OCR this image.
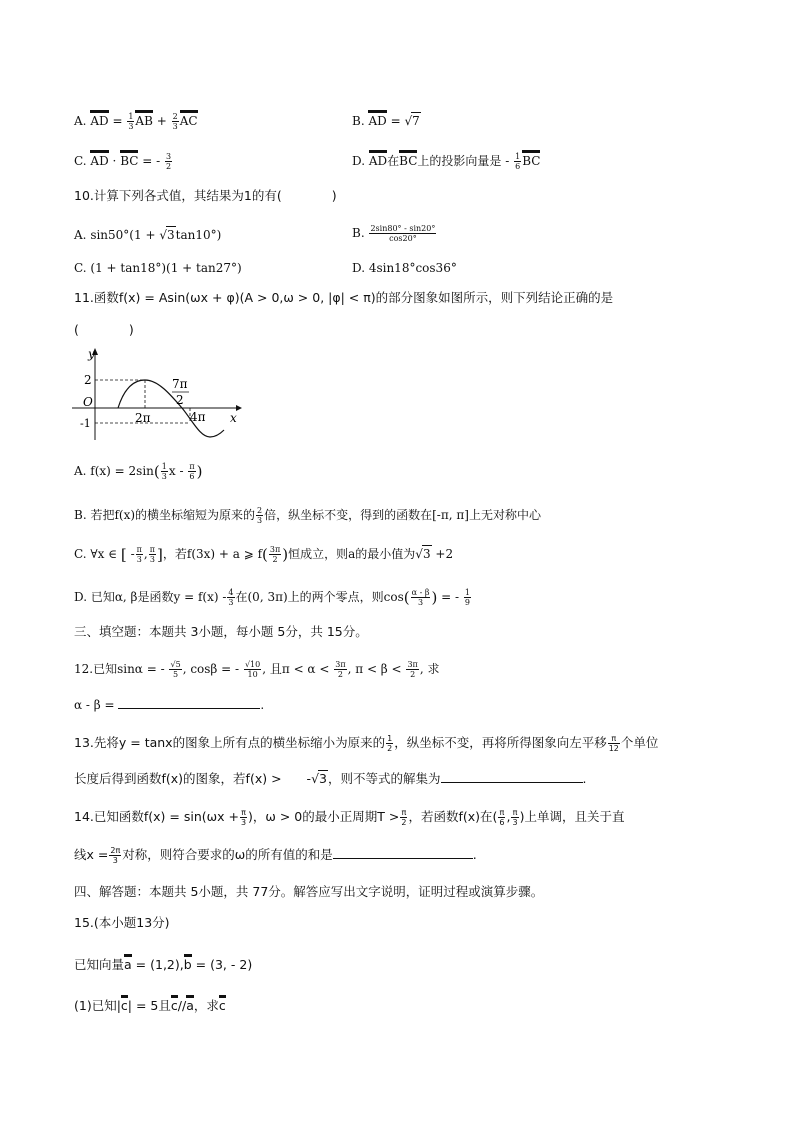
A. AD = $\frac{1}{3}$ AB + $\frac{2}{3}$ AC	B. AD = √7
C. AD · BC = - $\frac{3}{2}$	D. AD在BC上的投影向量是 - $\frac{1}{6}$ BC
10.计算下列各式值，其结果为1的有(　　　　)
A. sin50°(1 + √3tan10°)	B. $\frac{2\sin 80^\circ - \sin 20^\circ}{\cos 20^\circ}$
C. (1 + tan18°)(1 + tan27°)	D. 4sin18°cos36°
11.函数f(x) = Asin(ωx + φ)(A > 0,ω > 0, |φ| < π)的部分图象如图所示，则下列结论正确的是
(　　　　)
y
x
O
2
-1	2π
7π
2
4π
A. $f(x) = 2\sin( \frac{1}{3}$ x - $\frac{\pi}{6}$ )
B. 若把f(x)的横坐标缩短为原来的 $\frac{2}{3}$ 倍，纵坐标不变，得到的函数在[-π, π]上无对称中心
C. ∀x ∈ [ - $\frac{\pi}{3}$ , $\frac{\pi}{3}$ ]，若f(3x) + a ⩾ $f( \frac{3\pi}{2}$ )恒成立，则a的最小值为√3 +2
D. 已知α, β是函数$y = f(x) - \frac{4}{3}$ 在(0, 3π)上的两个零点，则$\cos( \frac{\alpha - \beta}{3}$ ) = - $\frac{1}{9}$
三、填空题：本题共 3小题，每小题 5分，共 15分。
12.已知sinα = - $\frac{√5}{5}$ , cosβ = - $\frac{√10}{10}$ , 且$\pi < \alpha < \frac{3\pi}{2}$ , $\pi < \beta < \frac{3\pi}{2}$ , 求
α - β =	.
13.先将y = tanx的图象上所有点的横坐标缩小为原来的 $\frac{1}{2}$ ，纵坐标不变，再将所得图象向左平移 $\frac{\pi}{12}$ 个单位
长度后得到函数f(x)的图象，若f(x) >　　-√3，则不等式的解集为	.
14.已知函数$f(x) = \sin(\omega x + \frac{\pi}{3}$ )，ω > 0的最小正周期$T > \frac{\pi}{2}$ ，若函数f(x)在( $\frac{\pi}{6}$ , $\frac{\pi}{3}$ )上单调，且关于直
线$x = \frac{2\pi}{3}$ 对称，则符合要求的ω的所有值的和是	.
四、解答题：本题共 5小题，共 77分。解答应写出文字说明，证明过程或演算步骤。
15.(本小题13分)
已知向量a = (1,2),b = (3, - 2)
(1)已知|c| = 5且c//a，求c
